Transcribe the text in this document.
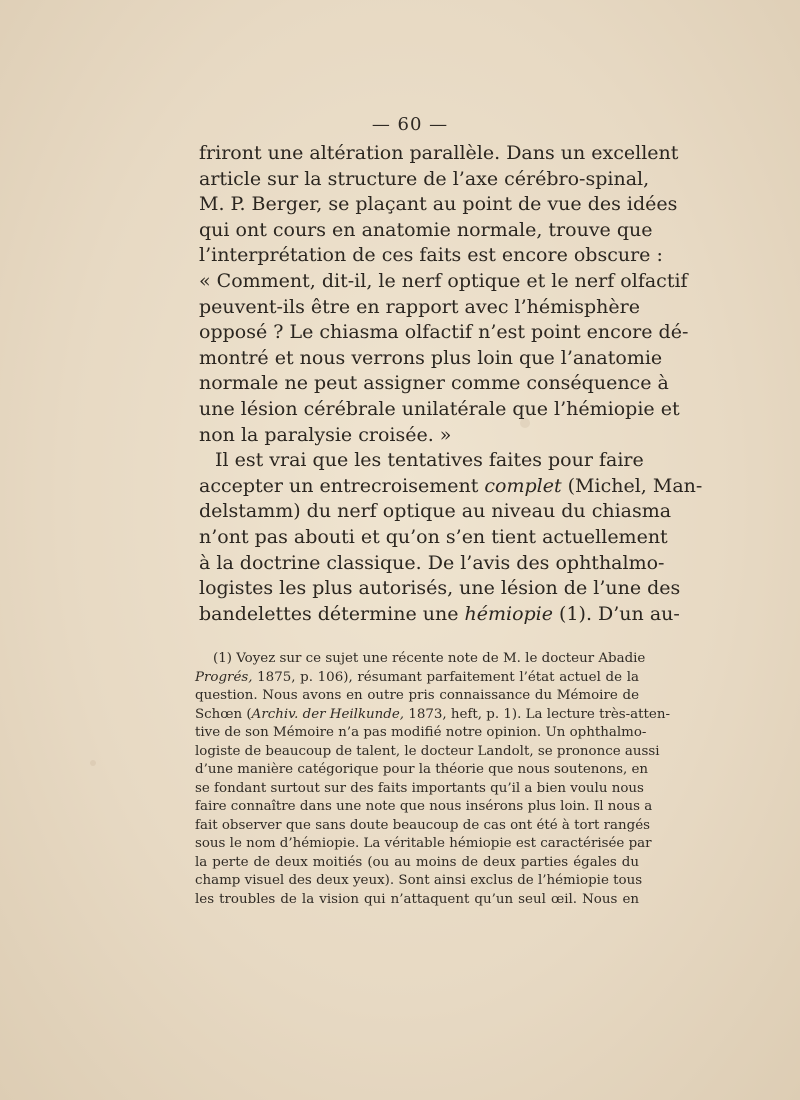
— 60 —
friront une altération parallèle. Dans un excellent
article sur la structure de l’axe cérébro-spinal,
M. P. Berger, se plaçant au point de vue des idées
qui ont cours en anatomie normale, trouve que
l’interprétation de ces faits est encore obscure :
« Comment, dit-il, le nerf optique et le nerf olfactif
peuvent-ils être en rapport avec l’hémisphère
opposé ? Le chiasma olfactif n’est point encore dé-
montré et nous verrons plus loin que l’anatomie
normale ne peut assigner comme conséquence à
une lésion cérébrale unilatérale que l’hémiopie et
non la paralysie croisée. »
Il est vrai que les tentatives faites pour faire
accepter un entrecroisement complet (Michel, Man-
delstamm) du nerf optique au niveau du chiasma
n’ont pas abouti et qu’on s’en tient actuellement
à la doctrine classique. De l’avis des ophthalmo-
logistes les plus autorisés, une lésion de l’une des
bandelettes détermine une hémiopie (1). D’un au-
(1) Voyez sur ce sujet une récente note de M. le docteur Abadie
Progrés, 1875, p. 106), résumant parfaitement l’état actuel de la
question. Nous avons en outre pris connaissance du Mémoire de
Schœn (Archiv. der Heilkunde, 1873, heft, p. 1). La lecture très-atten-
tive de son Mémoire n’a pas modifié notre opinion. Un ophthalmo-
logiste de beaucoup de talent, le docteur Landolt, se prononce aussi
d’une manière catégorique pour la théorie que nous soutenons, en
se fondant surtout sur des faits importants qu’il a bien voulu nous
faire connaître dans une note que nous insérons plus loin. Il nous a
fait observer que sans doute beaucoup de cas ont été à tort rangés
sous le nom d’hémiopie. La véritable hémiopie est caractérisée par
la perte de deux moitiés (ou au moins de deux parties égales du
champ visuel des deux yeux). Sont ainsi exclus de l’hémiopie tous
les troubles de la vision qui n’attaquent qu’un seul œil. Nous en
